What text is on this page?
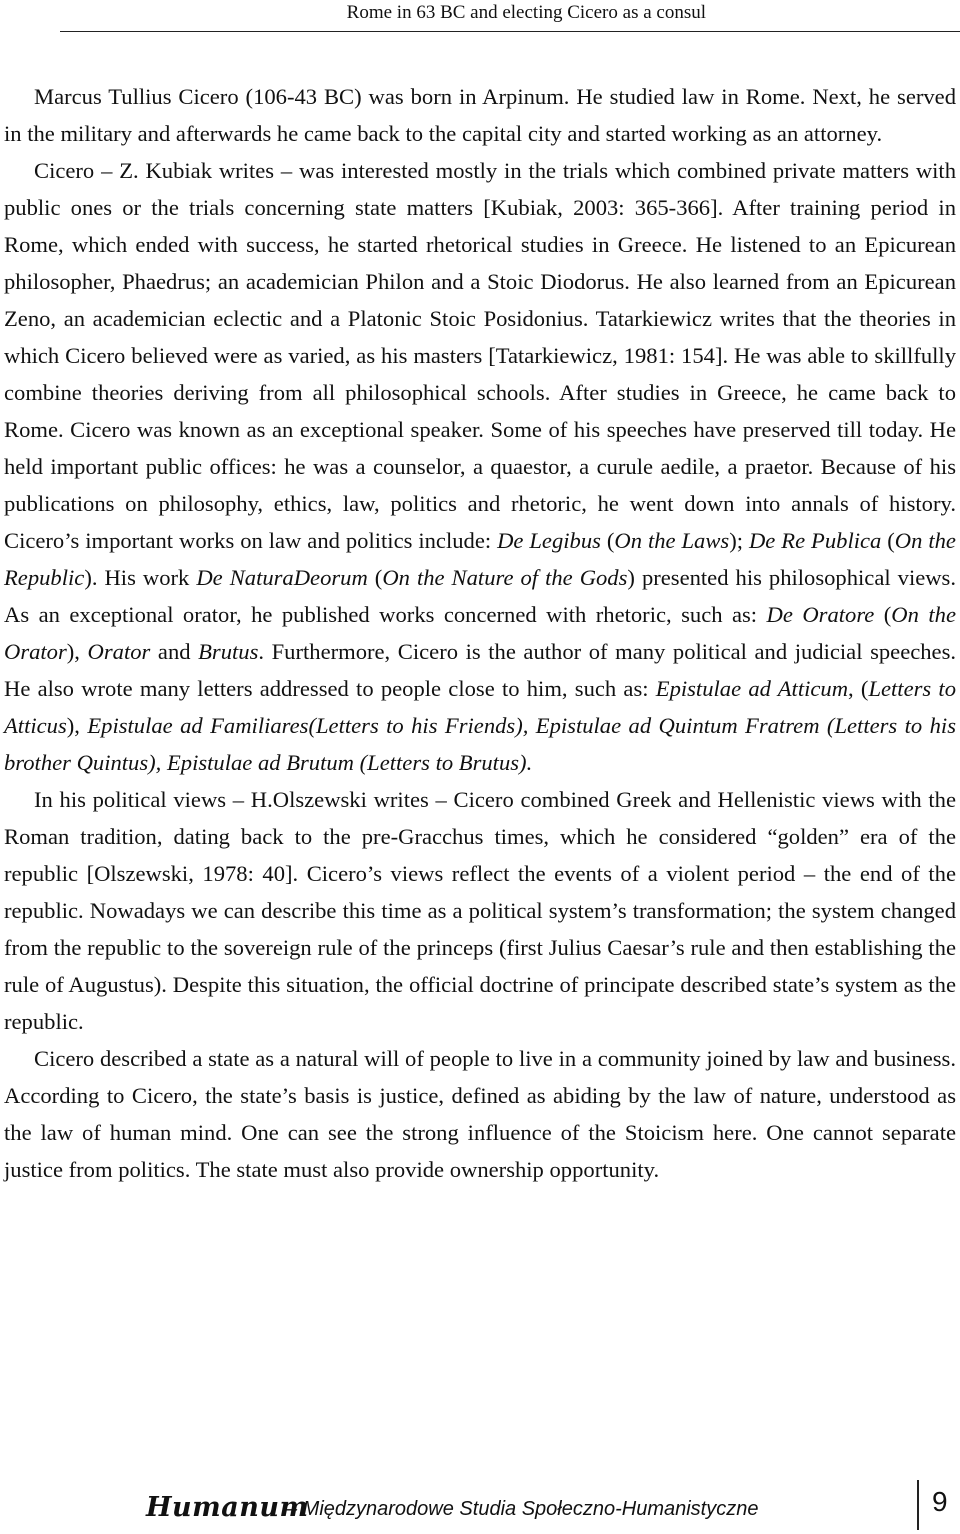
Rome in 63 BC and electing Cicero as a consul

Marcus Tullius Cicero (106-43 BC) was born in Arpinum. He studied law in Rome. Next, he served in the military and afterwards he came back to the capital city and started working as an attorney.

Cicero – Z. Kubiak writes – was interested mostly in the trials which combined private matters with public ones or the trials concerning state matters [Kubiak, 2003: 365-366]. After training period in Rome, which ended with success, he started rhetorical studies in Greece. He listened to an Epicurean philosopher, Phaedrus; an academician Philon and a Stoic Diodorus. He also learned from an Epicurean Zeno, an academician eclectic and a Platonic Stoic Posidonius. Tatarkiewicz writes that the theories in which Cicero believed were as varied, as his masters [Tatarkiewicz, 1981: 154]. He was able to skillfully combine theories deriving from all philosophical schools. After studies in Greece, he came back to Rome. Cicero was known as an exceptional speaker. Some of his speeches have preserved till today. He held important public offices: he was a counselor, a quaestor, a curule aedile, a praetor. Because of his publications on philosophy, ethics, law, politics and rhetoric, he went down into annals of history. Cicero’s important works on law and politics include: De Legibus (On the Laws); De Re Publica (On the Republic). His work De NaturaDeorum (On the Nature of the Gods) presented his philosophical views. As an exceptional orator, he published works concerned with rhetoric, such as: De Oratore (On the Orator), Orator and Brutus. Furthermore, Cicero is the author of many political and judicial speeches. He also wrote many letters addressed to people close to him, such as: Epistulae ad Atticum, (Letters to Atticus), Epistulae ad Familiares(Letters to his Friends), Epistulae ad Quintum Fratrem (Letters to his brother Quintus), Epistulae ad Brutum (Letters to Brutus).

In his political views – H.Olszewski writes – Cicero combined Greek and Hellenistic views with the Roman tradition, dating back to the pre-Gracchus times, which he considered “golden” era of the republic [Olszewski, 1978: 40]. Cicero’s views reflect the events of a violent period – the end of the republic. Nowadays we can describe this time as a political system’s transformation; the system changed from the republic to the sovereign rule of the princeps (first Julius Caesar’s rule and then establishing the rule of Augustus). Despite this situation, the official doctrine of principate described state’s system as the republic.

Cicero described a state as a natural will of people to live in a community joined by law and business. According to Cicero, the state’s basis is justice, defined as abiding by the law of nature, understood as the law of human mind. One can see the strong influence of the Stoicism here. One cannot separate justice from politics. The state must also provide ownership opportunity.

Humanum
– Międzynarodowe Studia Społeczno-Humanistyczne	9
